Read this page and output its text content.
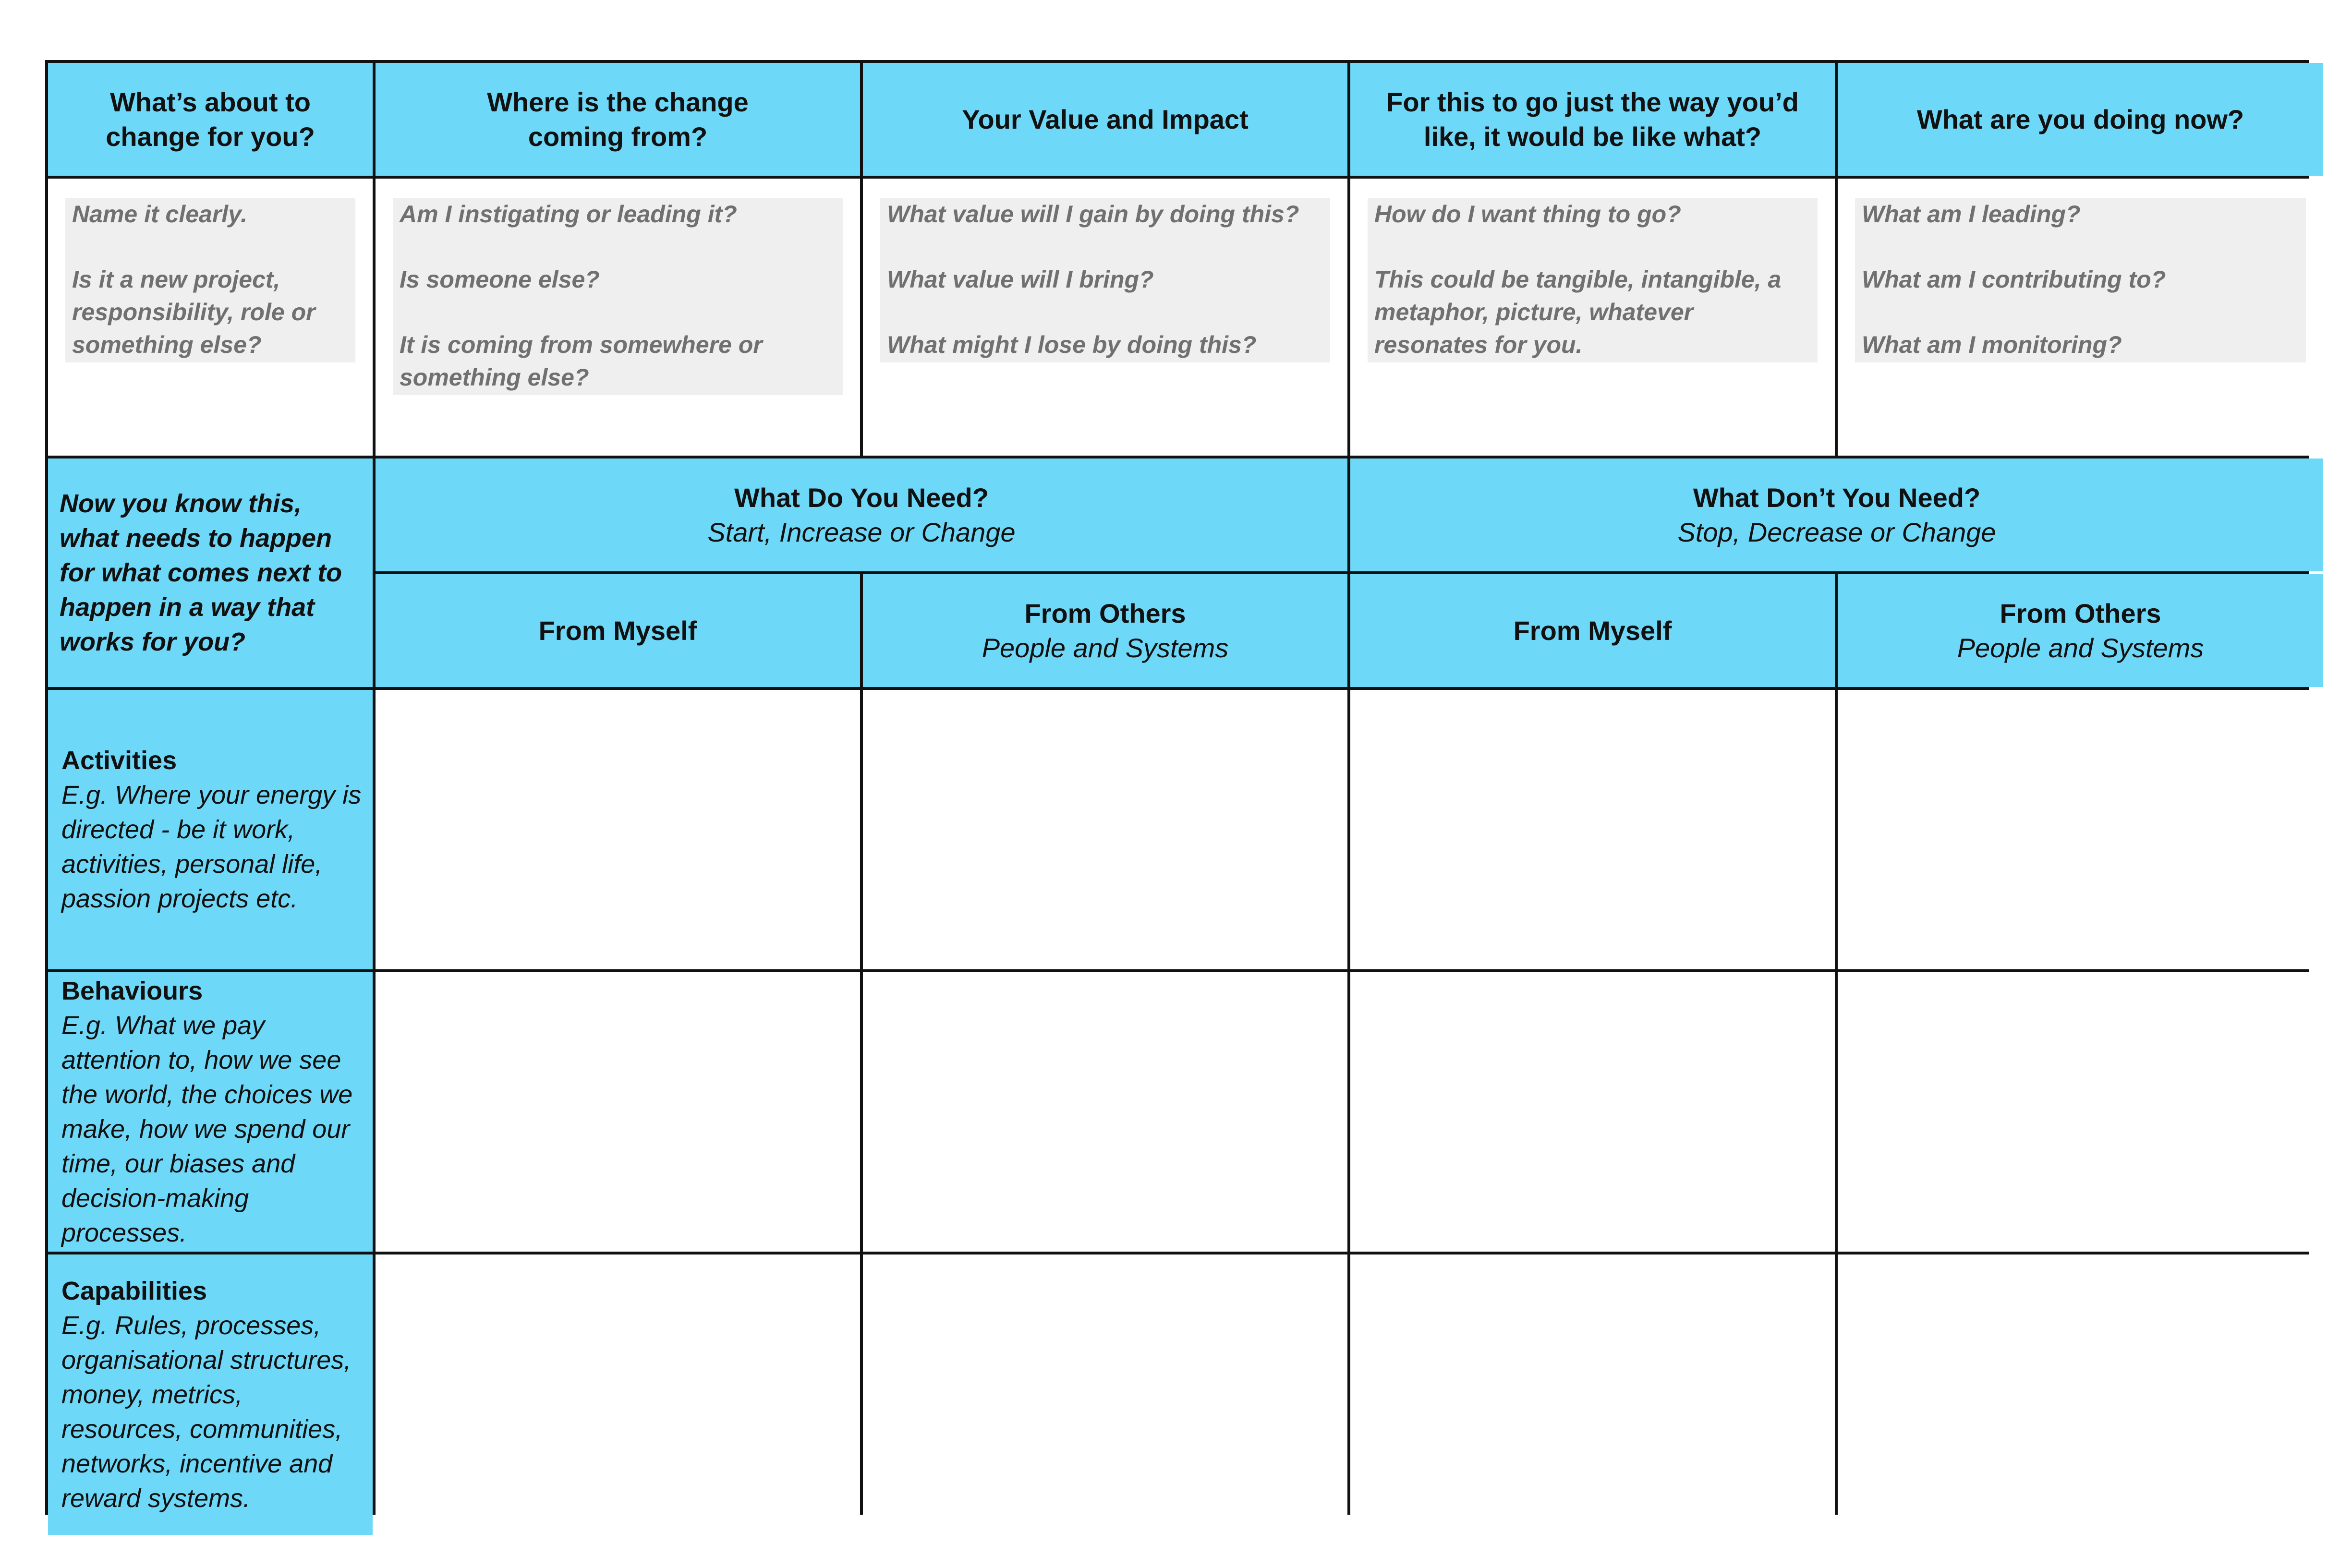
What’s about to change for you?
Where is the change coming from?
Your Value and Impact
For this to go just the way you’d like, it would be like what?
What are you doing now?

Name it clearly.

Is it a new project, responsibility, role or something else?

Am I instigating or leading it?

Is someone else?

It is coming from somewhere or something else?

What value will I gain by doing this?

What value will I bring?

What might I lose by doing this?

How do I want thing to go?

This could be tangible, intangible, a metaphor, picture, whatever resonates for you.

What am I leading?

What am I contributing to?

What am I monitoring?

Now you know this, what needs to happen for what comes next to happen in a way that works for you?
What Do You Need?
Start, Increase or Change
What Don’t You Need?
Stop, Decrease or Change
From Myself
From Others
People and Systems
From Myself
From Others
People and Systems
Activities
E.g. Where your energy is directed - be it work, activities, personal life, passion projects etc.
Behaviours
E.g. What we pay attention to, how we see the world, the choices we make, how we spend our time, our biases and decision-making processes.
Capabilities
E.g. Rules, processes, organisational structures, money, metrics, resources, communities, networks, incentive and reward systems.
